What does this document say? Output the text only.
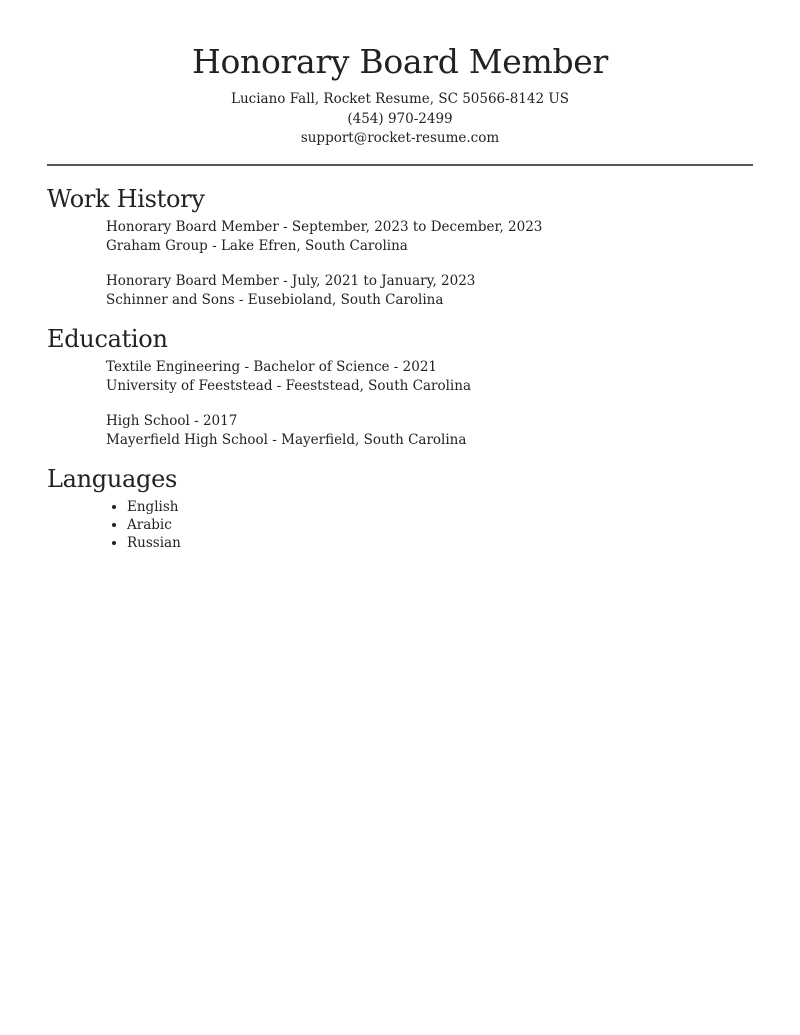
Honorary Board Member
Luciano Fall, Rocket Resume, SC 50566-8142 US
(454) 970-2499
support@rocket-resume.com
Work History
Honorary Board Member - September, 2023 to December, 2023
Graham Group - Lake Efren, South Carolina
Honorary Board Member - July, 2021 to January, 2023
Schinner and Sons - Eusebioland, South Carolina
Education
Textile Engineering - Bachelor of Science - 2021
University of Feeststead - Feeststead, South Carolina
High School - 2017
Mayerfield High School - Mayerfield, South Carolina
Languages
• English
• Arabic
• Russian
